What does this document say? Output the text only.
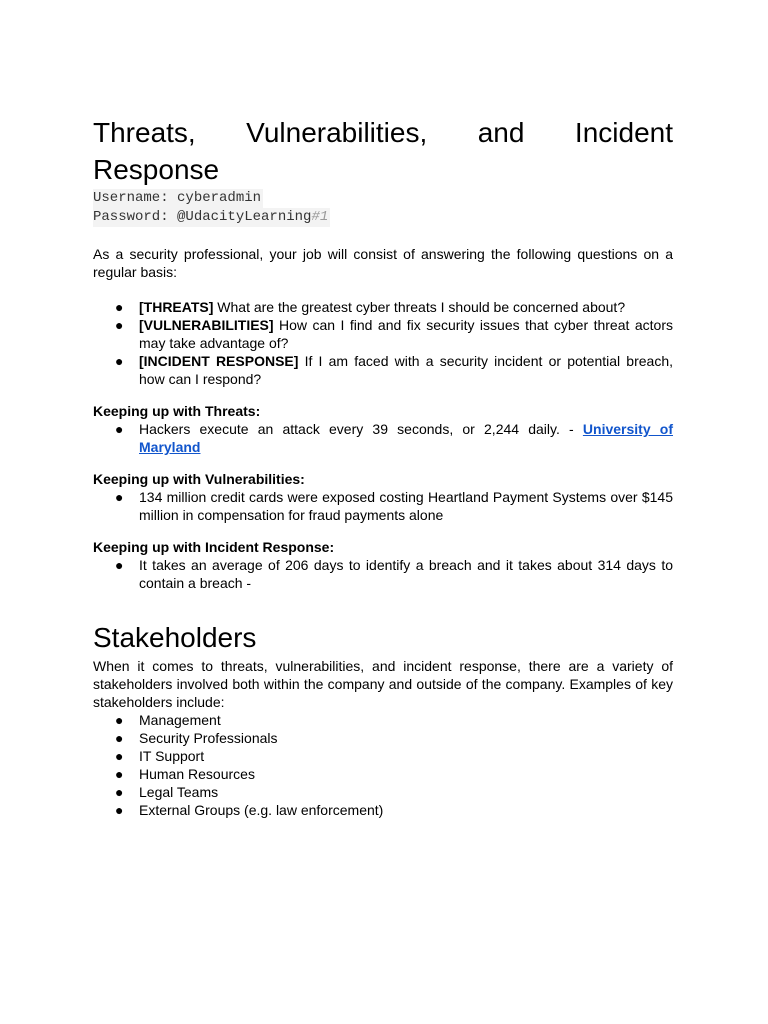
Threats, Vulnerabilities, and Incident Response
Username: cyberadmin
Password: @UdacityLearning#1

As a security professional, your job will consist of answering the following questions on a regular basis:

● [THREATS] What are the greatest cyber threats I should be concerned about?
● [VULNERABILITIES] How can I find and fix security issues that cyber threat actors may take advantage of?
● [INCIDENT RESPONSE] If I am faced with a security incident or potential breach, how can I respond?

Keeping up with Threats:

● Hackers execute an attack every 39 seconds, or 2,244 daily. - University of Maryland

Keeping up with Vulnerabilities:

● 134 million credit cards were exposed costing Heartland Payment Systems over $145 million in compensation for fraud payments alone

Keeping up with Incident Response:

● It takes an average of 206 days to identify a breach and it takes about 314 days to contain a breach -
Stakeholders

When it comes to threats, vulnerabilities, and incident response, there are a variety of stakeholders involved both within the company and outside of the company. Examples of key stakeholders include:

● Management
● Security Professionals
● IT Support
● Human Resources
● Legal Teams
● External Groups (e.g. law enforcement)
